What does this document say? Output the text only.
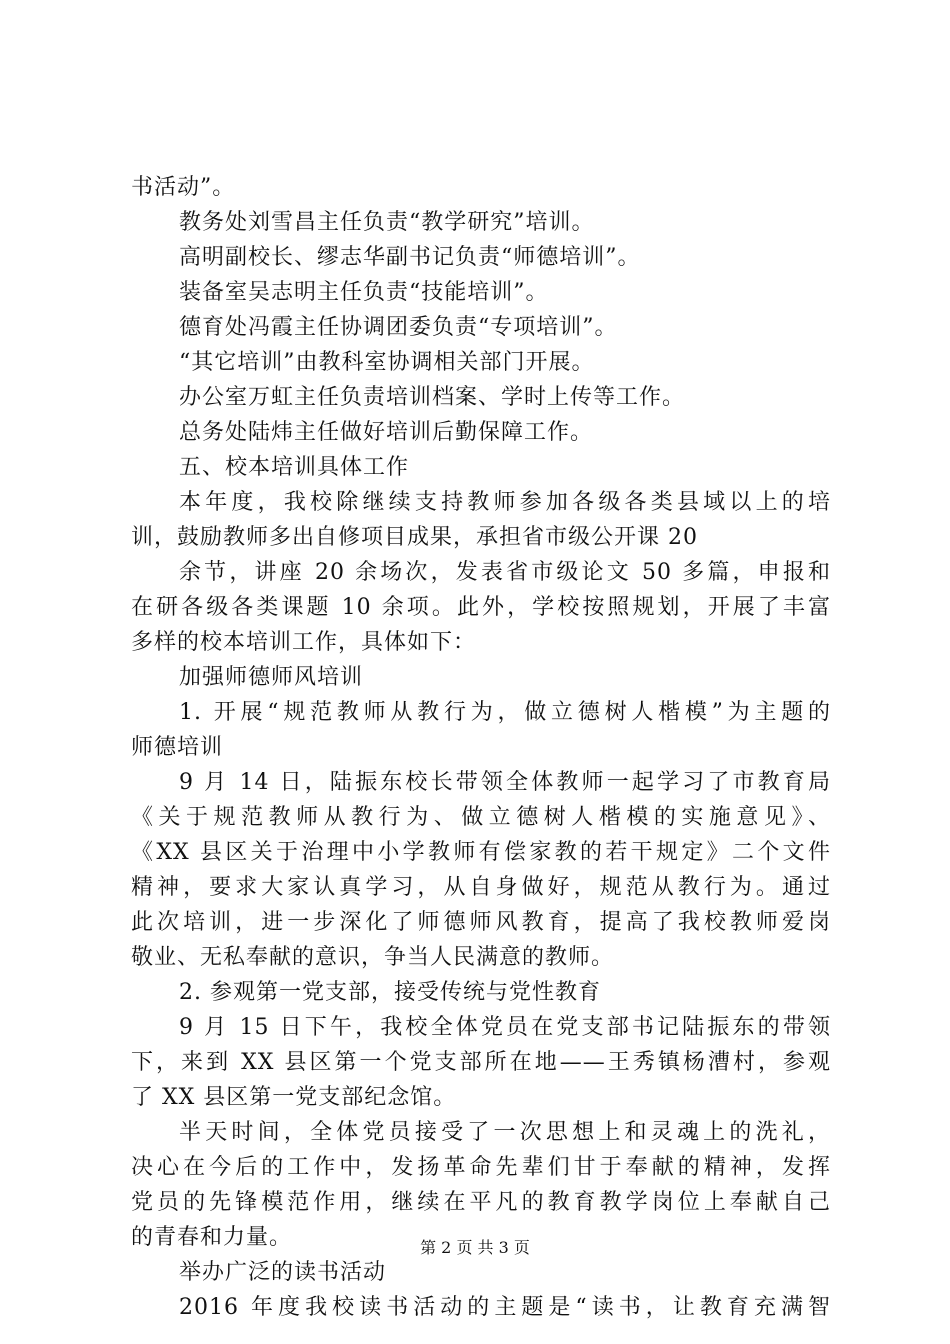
书活动”。
教务处刘雪昌主任负责“教学研究”培训。
高明副校长、缪志华副书记负责“师德培训”。
装备室吴志明主任负责“技能培训”。
德育处冯霞主任协调团委负责“专项培训”。
“其它培训”由教科室协调相关部门开展。
办公室万虹主任负责培训档案、学时上传等工作。
总务处陆炜主任做好培训后勤保障工作。
五、校本培训具体工作
本年度，我校除继续支持教师参加各级各类县域以上的培
训，鼓励教师多出自修项目成果，承担省市级公开课 20
余节，讲座 20 余场次，发表省市级论文 50 多篇，申报和
在研各级各类课题 10 余项。此外，学校按照规划，开展了丰富
多样的校本培训工作，具体如下：
加强师德师风培训
1. 开展“规范教师从教行为，做立德树人楷模”为主题的
师德培训
9 月 14 日，陆振东校长带领全体教师一起学习了市教育局
《关于规范教师从教行为、做立德树人楷模的实施意见》、
《XX 县区关于治理中小学教师有偿家教的若干规定》二个文件
精神，要求大家认真学习，从自身做好，规范从教行为。通过
此次培训，进一步深化了师德师风教育，提高了我校教师爱岗
敬业、无私奉献的意识，争当人民满意的教师。
2. 参观第一党支部，接受传统与党性教育
9 月 15 日下午，我校全体党员在党支部书记陆振东的带领
下，来到 XX 县区第一个党支部所在地——王秀镇杨漕村，参观
了 XX 县区第一党支部纪念馆。
半天时间，全体党员接受了一次思想上和灵魂上的洗礼，
决心在今后的工作中，发扬革命先辈们甘于奉献的精神，发挥
党员的先锋模范作用，继续在平凡的教育教学岗位上奉献自己
的青春和力量。
举办广泛的读书活动
2016 年度我校读书活动的主题是“读书，让教育充满智
第 2 页 共 3 页
